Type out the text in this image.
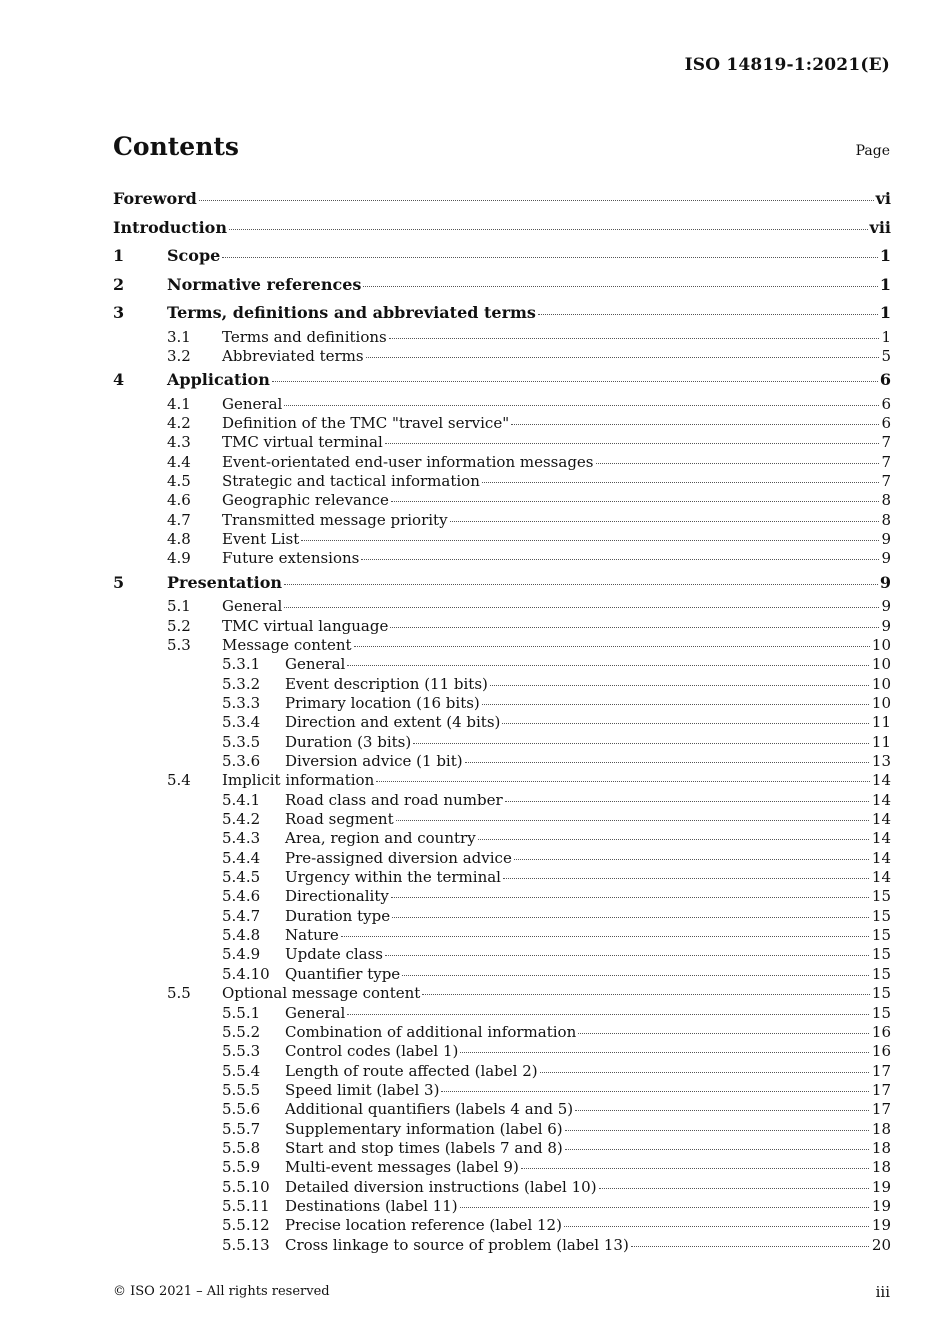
ISO 14819-1:2021(E)
Contents	Page
Foreword	vi
Introduction	vii
1	Scope	1
2	Normative references	1
3	Terms, definitions and abbreviated terms	1
3.1	Terms and definitions	1
3.2	Abbreviated terms	5
4	Application	6
4.1	General	6
4.2	Definition of the TMC "travel service"	6
4.3	TMC virtual terminal	7
4.4	Event-orientated end-user information messages	7
4.5	Strategic and tactical information	7
4.6	Geographic relevance	8
4.7	Transmitted message priority	8
4.8	Event List	9
4.9	Future extensions	9
5	Presentation	9
5.1	General	9
5.2	TMC virtual language	9
5.3	Message content	10
5.3.1	General	10
5.3.2	Event description (11 bits)	10
5.3.3	Primary location (16 bits)	10
5.3.4	Direction and extent (4 bits)	11
5.3.5	Duration (3 bits)	11
5.3.6	Diversion advice (1 bit)	13
5.4	Implicit information	14
5.4.1	Road class and road number	14
5.4.2	Road segment	14
5.4.3	Area, region and country	14
5.4.4	Pre-assigned diversion advice	14
5.4.5	Urgency within the terminal	14
5.4.6	Directionality	15
5.4.7	Duration type	15
5.4.8	Nature	15
5.4.9	Update class	15
5.4.10	Quantifier type	15
5.5	Optional message content	15
5.5.1	General	15
5.5.2	Combination of additional information	16
5.5.3	Control codes (label 1)	16
5.5.4	Length of route affected (label 2)	17
5.5.5	Speed limit (label 3)	17
5.5.6	Additional quantifiers (labels 4 and 5)	17
5.5.7	Supplementary information (label 6)	18
5.5.8	Start and stop times (labels 7 and 8)	18
5.5.9	Multi-event messages (label 9)	18
5.5.10	Detailed diversion instructions (label 10)	19
5.5.11	Destinations (label 11)	19
5.5.12	Precise location reference (label 12)	19
5.5.13	Cross linkage to source of problem (label 13)	20
© ISO 2021 – All rights reserved	iii
